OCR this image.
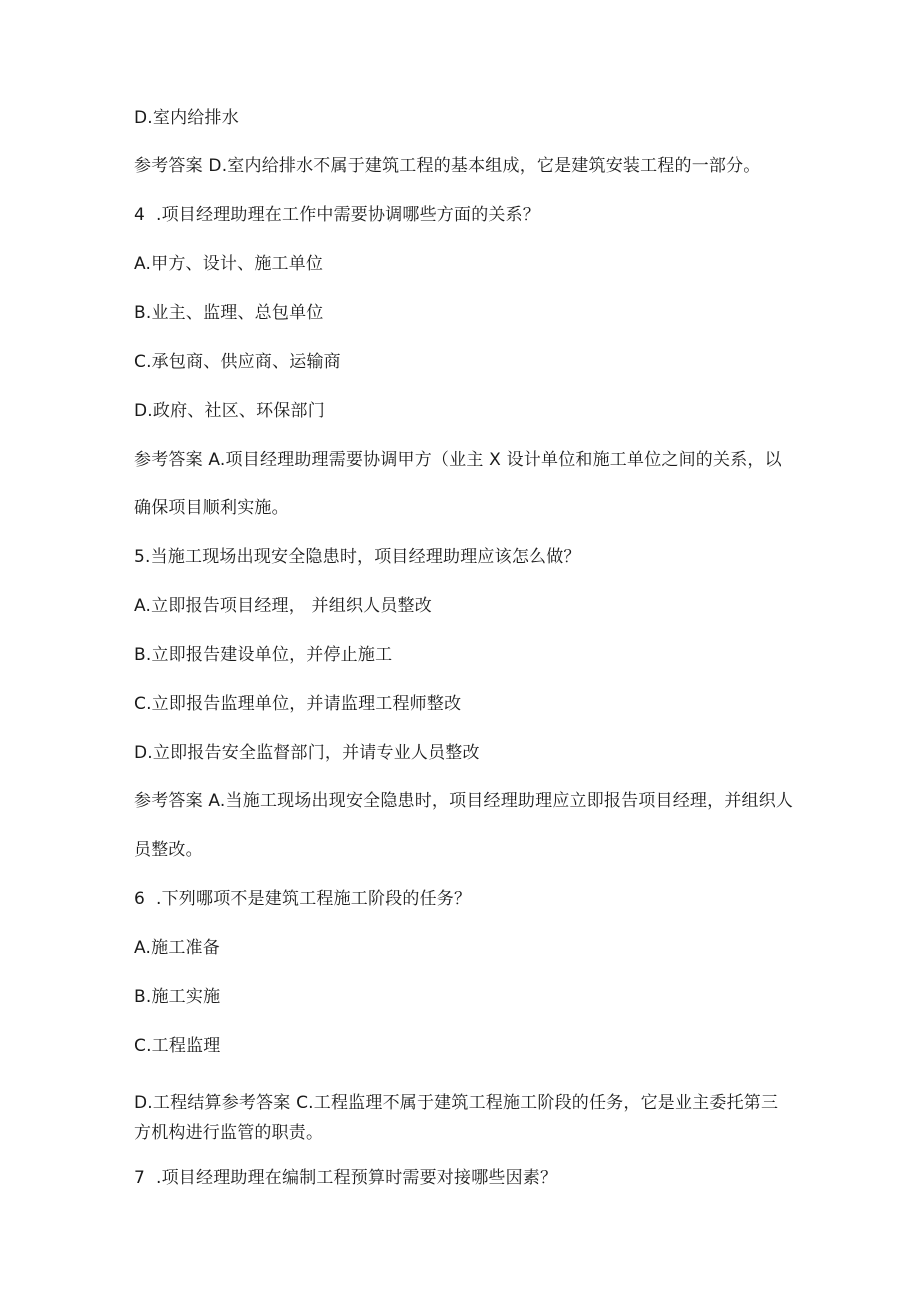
D.室内给排水
参考答案 D.室内给排水不属于建筑工程的基本组成，它是建筑安装工程的一部分。
4 .项目经理助理在工作中需要协调哪些方面的关系？
A.甲方、设计、施工单位
B.业主、监理、总包单位
C.承包商、供应商、运输商
D.政府、社区、环保部门
参考答案 A.项目经理助理需要协调甲方（业主 X 设计单位和施工单位之间的关系，以
确保项目顺利实施。
5.当施工现场出现安全隐患时，项目经理助理应该怎么做？
A.立即报告项目经理， 并组织人员整改
B.立即报告建设单位，并停止施工
C.立即报告监理单位，并请监理工程师整改
D.立即报告安全监督部门，并请专业人员整改
参考答案 A.当施工现场出现安全隐患时，项目经理助理应立即报告项目经理，并组织人
员整改。
6 .下列哪项不是建筑工程施工阶段的任务？
A.施工准备
B.施工实施
C.工程监理
D.工程结算参考答案 C.工程监理不属于建筑工程施工阶段的任务，它是业主委托第三
方机构进行监管的职责。
7 .项目经理助理在编制工程预算时需要对接哪些因素？
